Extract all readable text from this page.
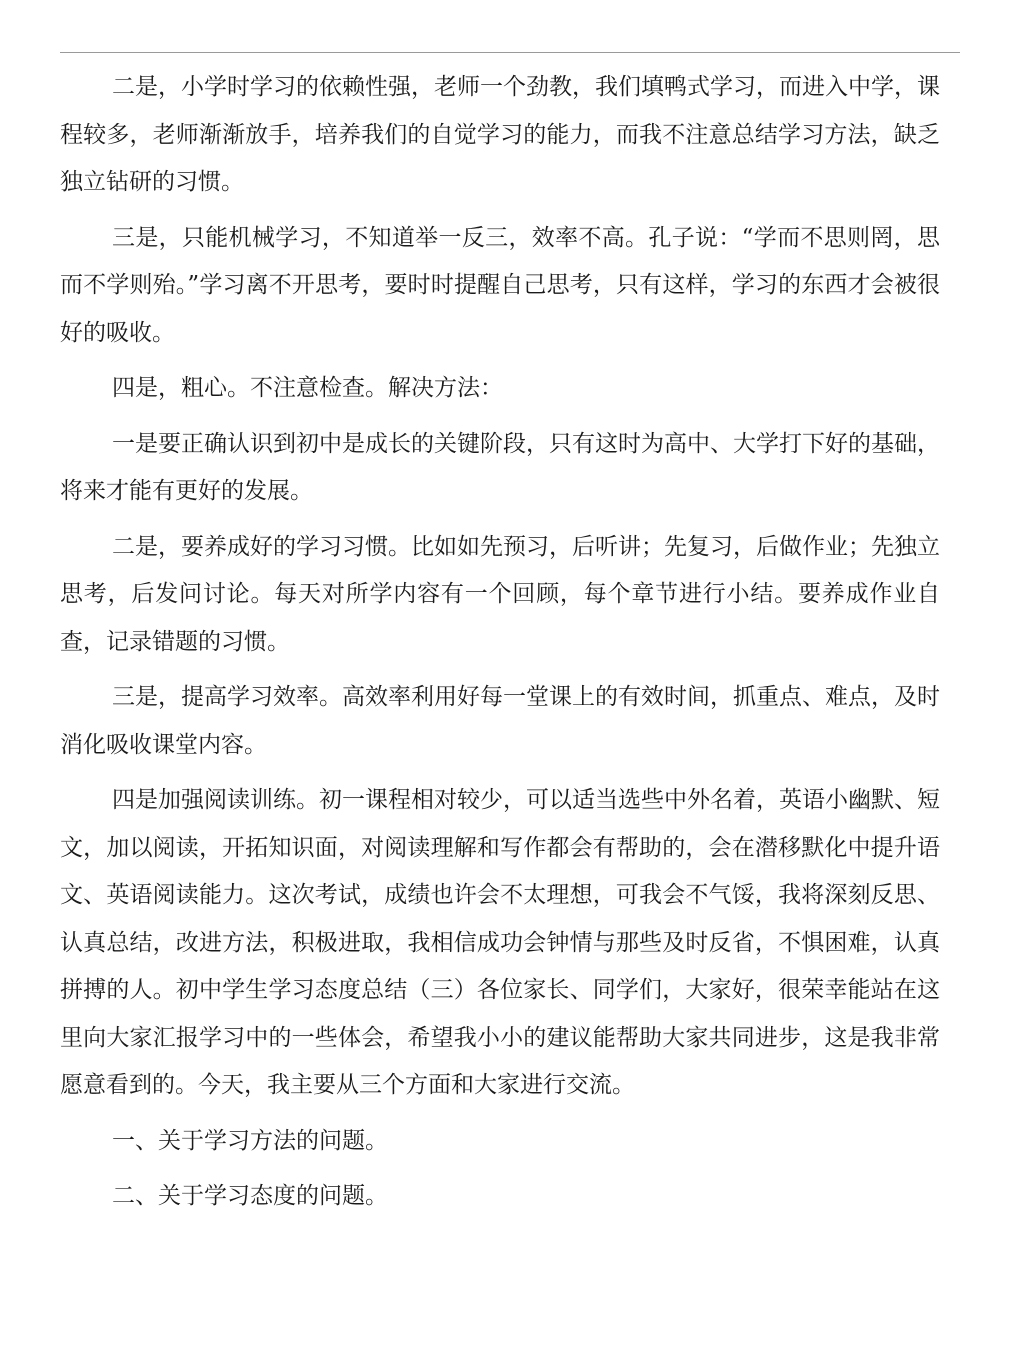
二是，小学时学习的依赖性强，老师一个劲教，我们填鸭式学习，而进入中学，课程较多，老师渐渐放手，培养我们的自觉学习的能力，而我不注意总结学习方法，缺乏独立钻研的习惯。

三是，只能机械学习，不知道举一反三，效率不高。孔子说：“学而不思则罔，思而不学则殆。”学习离不开思考，要时时提醒自己思考，只有这样，学习的东西才会被很好的吸收。

四是，粗心。不注意检查。解决方法：

一是要正确认识到初中是成长的关键阶段，只有这时为高中、大学打下好的基础，将来才能有更好的发展。

二是，要养成好的学习习惯。比如如先预习，后听讲；先复习，后做作业；先独立思考，后发问讨论。每天对所学内容有一个回顾，每个章节进行小结。要养成作业自查，记录错题的习惯。

三是，提高学习效率。高效率利用好每一堂课上的有效时间，抓重点、难点，及时消化吸收课堂内容。

四是加强阅读训练。初一课程相对较少，可以适当选些中外名着，英语小幽默、短文，加以阅读，开拓知识面，对阅读理解和写作都会有帮助的，会在潜移默化中提升语文、英语阅读能力。这次考试，成绩也许会不太理想，可我会不气馁，我将深刻反思、认真总结，改进方法，积极进取，我相信成功会钟情与那些及时反省，不惧困难，认真拼搏的人。初中学生学习态度总结（三）各位家长、同学们，大家好，很荣幸能站在这里向大家汇报学习中的一些体会，希望我小小的建议能帮助大家共同进步，这是我非常愿意看到的。今天，我主要从三个方面和大家进行交流。

一、关于学习方法的问题。

二、关于学习态度的问题。
